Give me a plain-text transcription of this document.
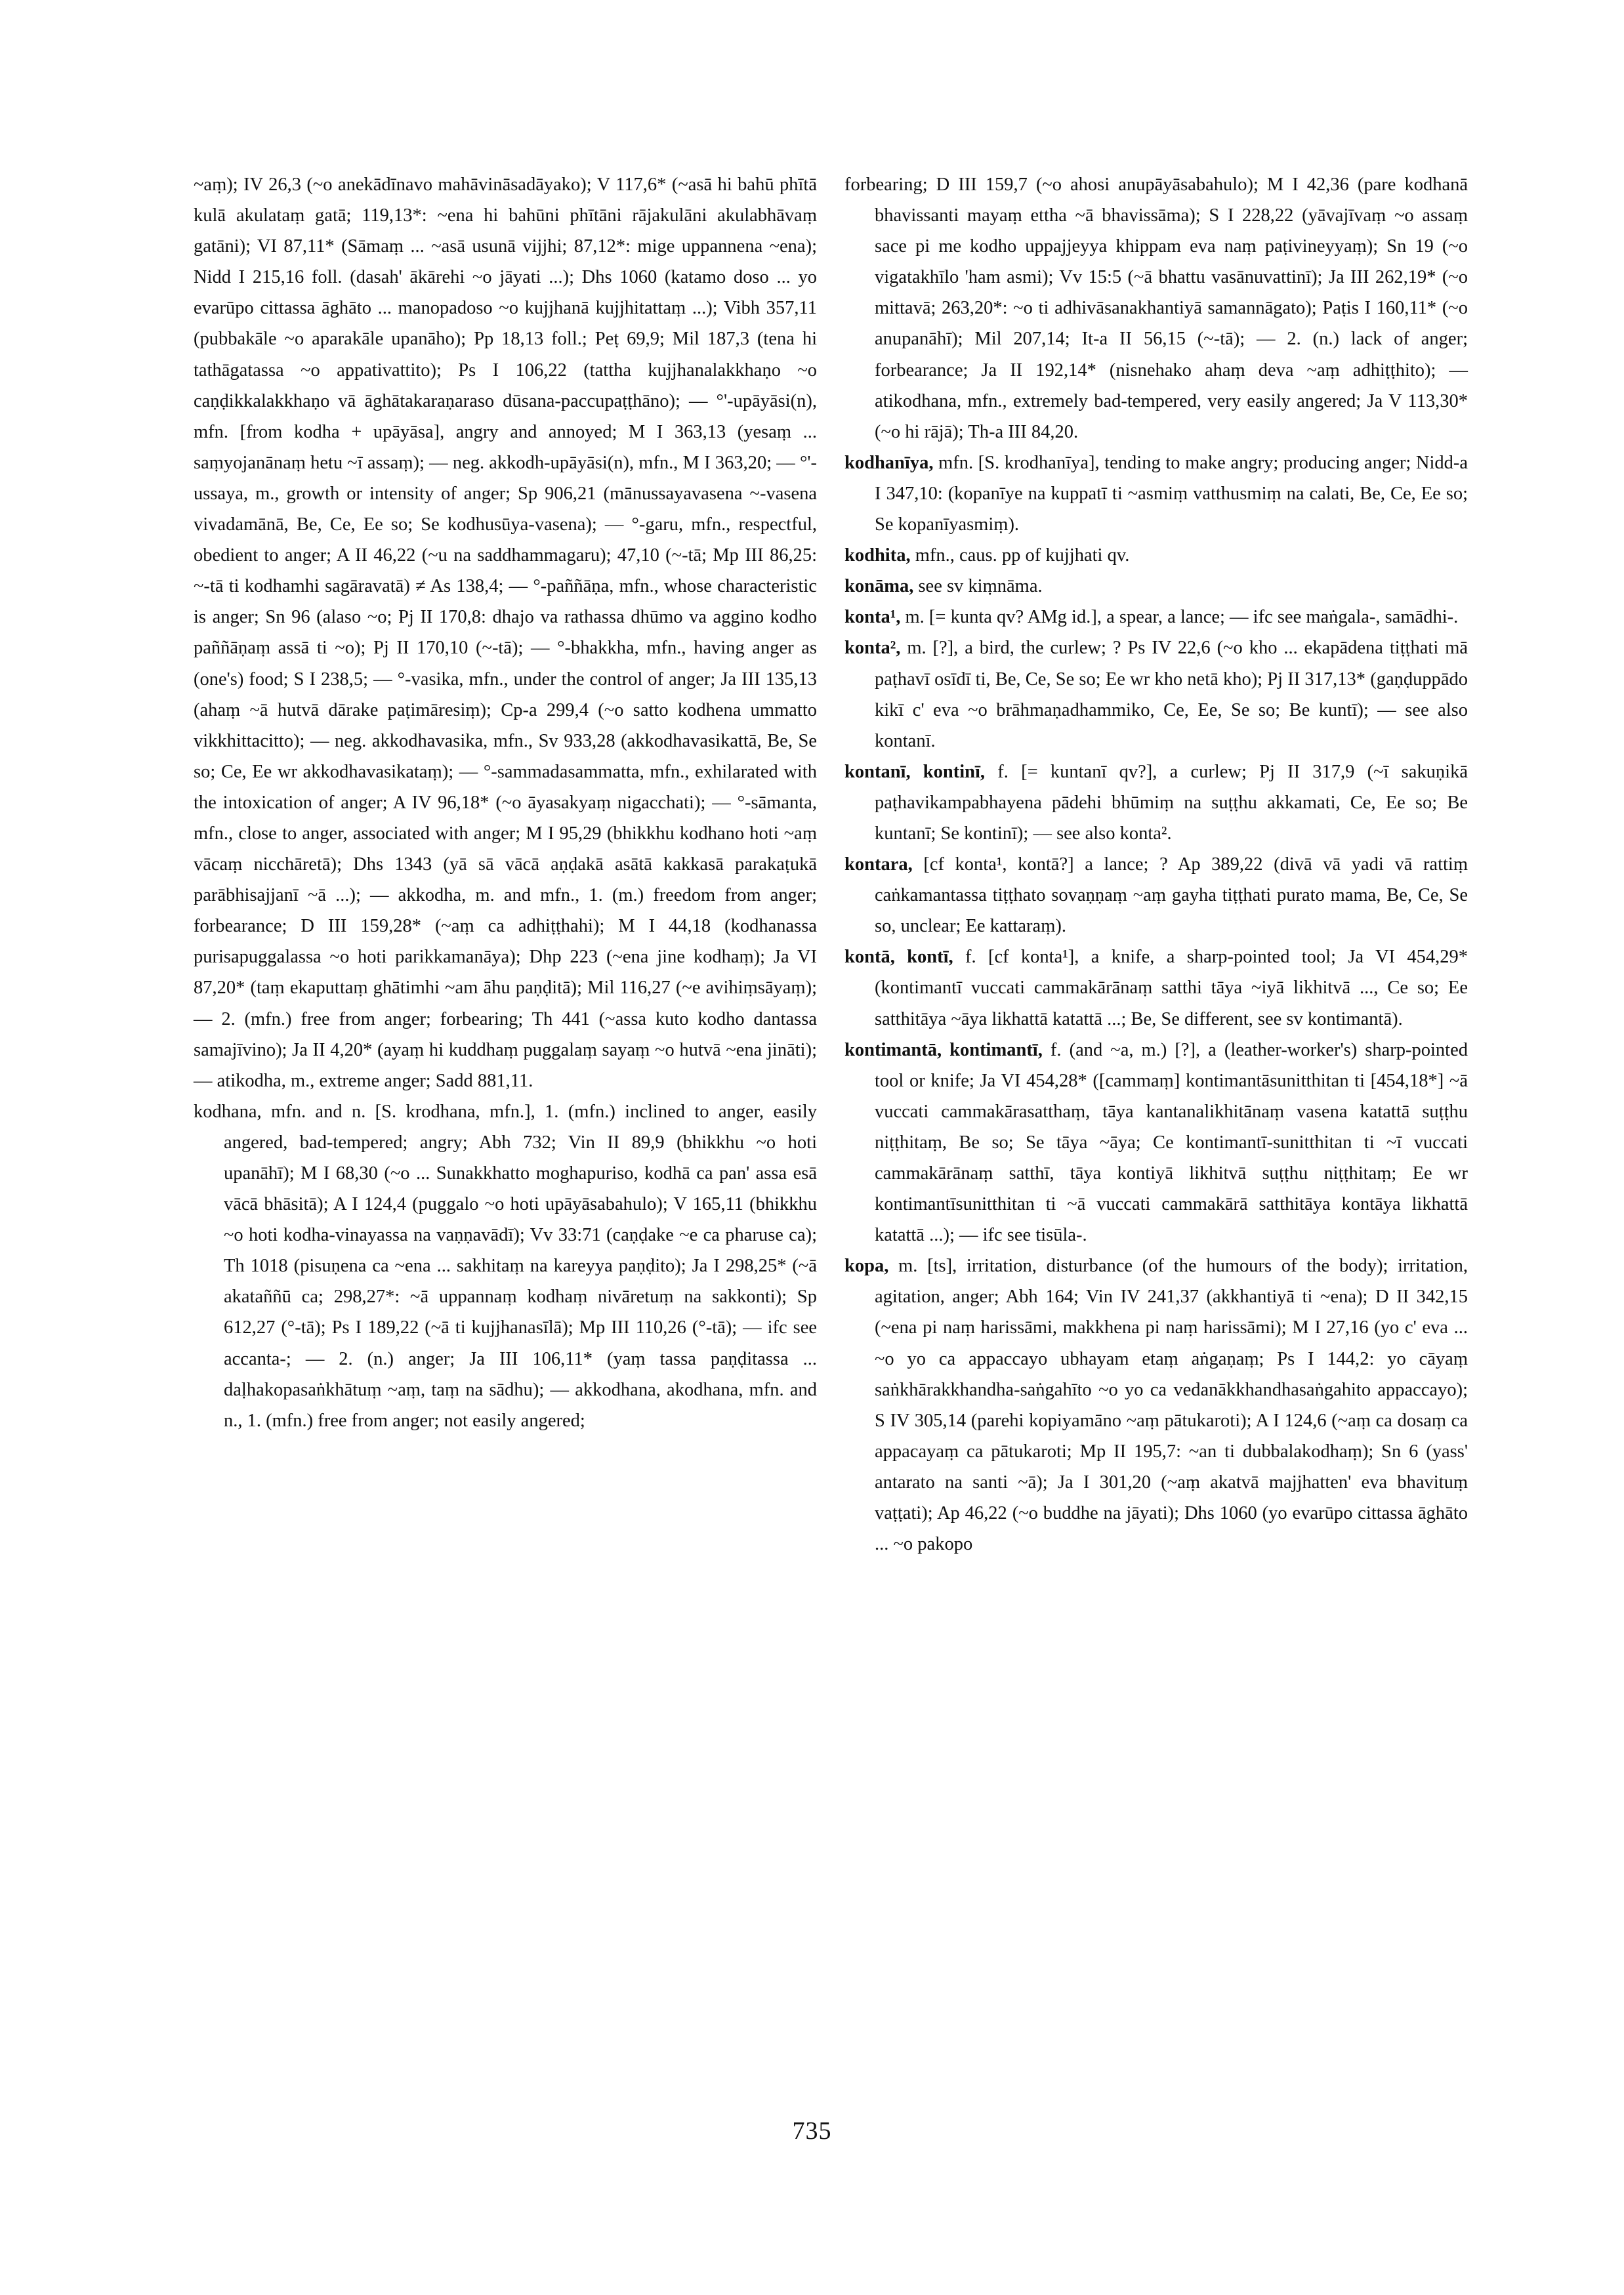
~aṃ); IV 26,3 (~o anekādīnavo mahāvināsadāyako); V 117,6* (~asā hi bahū phītā kulā akulataṃ gatā; 119,13*: ~ena hi bahūni phītāni rājakulāni akulabhāvaṃ gatāni); VI 87,11* (Sāmaṃ ... ~asā usunā vijjhi; 87,12*: mige uppannena ~ena); Nidd I 215,16 foll. (dasah' ākārehi ~o jāyati ...); Dhs 1060 (katamo doso ... yo evarūpo cittassa āghāto ... manopadoso ~o kujjhanā kujjhitattaṃ ...); Vibh 357,11 (pubbakāle ~o aparakāle upanāho); Pp 18,13 foll.; Peṭ 69,9; Mil 187,3 (tena hi tathāgatassa ~o appativattito); Ps I 106,22 (tattha kujjhanalakkhaṇo ~o caṇḍikkalakkhaṇo vā āghātakaraṇaraso dūsana-paccupaṭṭhāno); — °'-upāyāsi(n), mfn. [from kodha + upāyāsa], angry and annoyed; M I 363,13 (yesaṃ ... saṃyojanānaṃ hetu ~ī assaṃ); — neg. akkodh-upāyāsi(n), mfn., M I 363,20; — °'-ussaya, m., growth or intensity of anger; Sp 906,21 (mānussayavasena ~-vasena vivadamānā, Be, Ce, Ee so; Se kodhusūya-vasena); — °-garu, mfn., respectful, obedient to anger; A II 46,22 (~u na saddhammagaru); 47,10 (~-tā; Mp III 86,25: ~-tā ti kodhamhi sagāravatā) ≠ As 138,4; — °-paññāṇa, mfn., whose characteristic is anger; Sn 96 (alaso ~o; Pj II 170,8: dhajo va rathassa dhūmo va aggino kodho paññāṇaṃ assā ti ~o); Pj II 170,10 (~-tā); — °-bhakkha, mfn., having anger as (one's) food; S I 238,5; — °-vasika, mfn., under the control of anger; Ja III 135,13 (ahaṃ ~ā hutvā dārake paṭimāresiṃ); Cp-a 299,4 (~o satto kodhena ummatto vikkhittacitto); — neg. akkodhavasika, mfn., Sv 933,28 (akkodhavasikattā, Be, Se so; Ce, Ee wr akkodhavasikataṃ); — °-sammadasammatta, mfn., exhilarated with the intoxication of anger; A IV 96,18* (~o āyasakyaṃ nigacchati); — °-sāmanta, mfn., close to anger, associated with anger; M I 95,29 (bhikkhu kodhano hoti ~aṃ vācaṃ nicchāretā); Dhs 1343 (yā sā vācā aṇḍakā asātā kakkasā parakaṭukā parābhisajjanī ~ā ...); — akkodha, m. and mfn., 1. (m.) freedom from anger; forbearance; D III 159,28* (~aṃ ca adhiṭṭhahi); M I 44,18 (kodhanassa purisapuggalassa ~o hoti parikkamanāya); Dhp 223 (~ena jine kodhaṃ); Ja VI 87,20* (taṃ ekaputtaṃ ghātimhi ~am āhu paṇḍitā); Mil 116,27 (~e avihiṃsāyaṃ); — 2. (mfn.) free from anger; forbearing; Th 441 (~assa kuto kodho dantassa samajīvino); Ja II 4,20* (ayaṃ hi kuddhaṃ puggalaṃ sayaṃ ~o hutvā ~ena jināti); — atikodha, m., extreme anger; Sadd 881,11.

kodhana, mfn. and n. [S. krodhana, mfn.], 1. (mfn.) inclined to anger, easily angered, bad-tempered; angry; Abh 732; Vin II 89,9 (bhikkhu ~o hoti upanāhī); M I 68,30 (~o ... Sunakkhatto moghapuriso, kodhā ca pan' assa esā vācā bhāsitā); A I 124,4 (puggalo ~o hoti upāyāsabahulo); V 165,11 (bhikkhu ~o hoti kodha-vinayassa na vaṇṇavādī); Vv 33:71 (caṇḍake ~e ca pharuse ca); Th 1018 (pisuṇena ca ~ena ... sakhitaṃ na kareyya paṇḍito); Ja I 298,25* (~ā akataññū ca; 298,27*: ~ā uppannaṃ kodhaṃ nivāretuṃ na sakkonti); Sp 612,27 (°-tā); Ps I 189,22 (~ā ti kujjhanasīlā); Mp III 110,26 (°-tā); — ifc see accanta-; — 2. (n.) anger; Ja III 106,11* (yaṃ tassa paṇḍitassa ... daḷhakopasaṅkhātuṃ ~aṃ, taṃ na sādhu); — akkodhana, akodhana, mfn. and n., 1. (mfn.) free from anger; not easily angered;

forbearing; D III 159,7 (~o ahosi anupāyāsabahulo); M I 42,36 (pare kodhanā bhavissanti mayaṃ ettha ~ā bhavissāma); S I 228,22 (yāvajīvaṃ ~o assaṃ sace pi me kodho uppajjeyya khippam eva naṃ paṭivineyyaṃ); Sn 19 (~o vigatakhīlo 'ham asmi); Vv 15:5 (~ā bhattu vasānuvattinī); Ja III 262,19* (~o mittavā; 263,20*: ~o ti adhivāsanakhantiyā samannāgato); Paṭis I 160,11* (~o anupanāhī); Mil 207,14; It-a II 56,15 (~-tā); — 2. (n.) lack of anger; forbearance; Ja II 192,14* (nisnehako ahaṃ deva ~aṃ adhiṭṭhito); — atikodhana, mfn., extremely bad-tempered, very easily angered; Ja V 113,30* (~o hi rājā); Th-a III 84,20.

kodhanīya, mfn. [S. krodhanīya], tending to make angry; producing anger; Nidd-a I 347,10: (kopanīye na kuppatī ti ~asmiṃ vatthusmiṃ na calati, Be, Ce, Ee so; Se kopanīyasmiṃ).

kodhita, mfn., caus. pp of kujjhati qv.

konāma, see sv kiṃnāma.

konta¹, m. [= kunta qv? AMg id.], a spear, a lance; — ifc see maṅgala-, samādhi-.

konta², m. [?], a bird, the curlew; ? Ps IV 22,6 (~o kho ... ekapādena tiṭṭhati mā paṭhavī osīdī ti, Be, Ce, Se so; Ee wr kho netā kho); Pj II 317,13* (gaṇḍuppādo kikī c' eva ~o brāhmaṇadhammiko, Ce, Ee, Se so; Be kuntī); — see also kontanī.

kontanī, kontinī, f. [= kuntanī qv?], a curlew; Pj II 317,9 (~ī sakuṇikā paṭhavikampabhayena pādehi bhūmiṃ na suṭṭhu akkamati, Ce, Ee so; Be kuntanī; Se kontinī); — see also konta².

kontara, [cf konta¹, kontā?] a lance; ? Ap 389,22 (divā vā yadi vā rattiṃ caṅkamantassa tiṭṭhato sovaṇṇaṃ ~aṃ gayha tiṭṭhati purato mama, Be, Ce, Se so, unclear; Ee kattaraṃ).

kontā, kontī, f. [cf konta¹], a knife, a sharp-pointed tool; Ja VI 454,29* (kontimantī vuccati cammakārānaṃ satthi tāya ~iyā likhitvā ..., Ce so; Ee satthitāya ~āya likhattā katattā ...; Be, Se different, see sv kontimantā).

kontimantā, kontimantī, f. (and ~a, m.) [?], a (leather-worker's) sharp-pointed tool or knife; Ja VI 454,28* ([cammaṃ] kontimantāsunitthitan ti [454,18*] ~ā vuccati cammakārasatthaṃ, tāya kantanalikhitānaṃ vasena katattā suṭṭhu niṭṭhitaṃ, Be so; Se tāya ~āya; Ce kontimantī-sunitthitan ti ~ī vuccati cammakārānaṃ satthī, tāya kontiyā likhitvā suṭṭhu niṭṭhitaṃ; Ee wr kontimantīsunitthitan ti ~ā vuccati cammakārā satthitāya kontāya likhattā katattā ...); — ifc see tisūla-.

kopa, m. [ts], irritation, disturbance (of the humours of the body); irritation, agitation, anger; Abh 164; Vin IV 241,37 (akkhantiyā ti ~ena); D II 342,15 (~ena pi naṃ harissāmi, makkhena pi naṃ harissāmi); M I 27,16 (yo c' eva ... ~o yo ca appaccayo ubhayam etaṃ aṅgaṇaṃ; Ps I 144,2: yo cāyaṃ saṅkhārakkhandha-saṅgahīto ~o yo ca vedanākkhandhasaṅgahito appaccayo); S IV 305,14 (parehi kopiyamāno ~aṃ pātukaroti); A I 124,6 (~aṃ ca dosaṃ ca appacayaṃ ca pātukaroti; Mp II 195,7: ~an ti dubbalakodhaṃ); Sn 6 (yass' antarato na santi ~ā); Ja I 301,20 (~aṃ akatvā majjhatten' eva bhavituṃ vaṭṭati); Ap 46,22 (~o buddhe na jāyati); Dhs 1060 (yo evarūpo cittassa āghāto ... ~o pakopo

735
